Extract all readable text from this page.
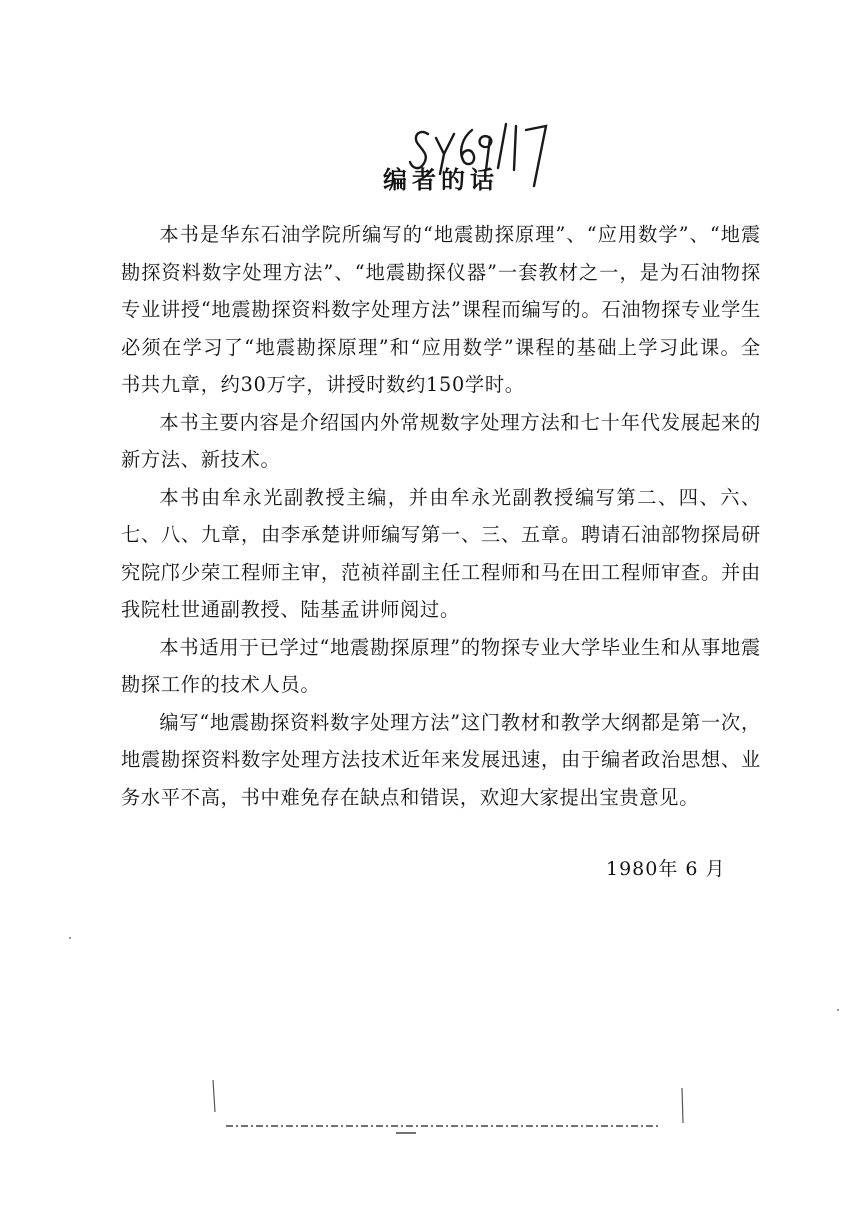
编者的话

本书是华东石油学院所编写的“地震勘探原理”、“应用数学”、“地震勘探资料数字处理方法”、“地震勘探仪器”一套教材之一，是为石油物探专业讲授“地震勘探资料数字处理方法”课程而编写的。石油物探专业学生必须在学习了“地震勘探原理”和“应用数学”课程的基础上学习此课。全书共九章，约30万字，讲授时数约150学时。

本书主要内容是介绍国内外常规数字处理方法和七十年代发展起来的新方法、新技术。

本书由牟永光副教授主编，并由牟永光副教授编写第二、四、六、七、八、九章，由李承楚讲师编写第一、三、五章。聘请石油部物探局研究院邝少荣工程师主审，范祯祥副主任工程师和马在田工程师审查。并由我院杜世通副教授、陆基孟讲师阅过。

本书适用于已学过“地震勘探原理”的物探专业大学毕业生和从事地震勘探工作的技术人员。

编写“地震勘探资料数字处理方法”这门教材和教学大纲都是第一次，地震勘探资料数字处理方法技术近年来发展迅速，由于编者政治思想、业务水平不高，书中难免存在缺点和错误，欢迎大家提出宝贵意见。

1980年 6 月
